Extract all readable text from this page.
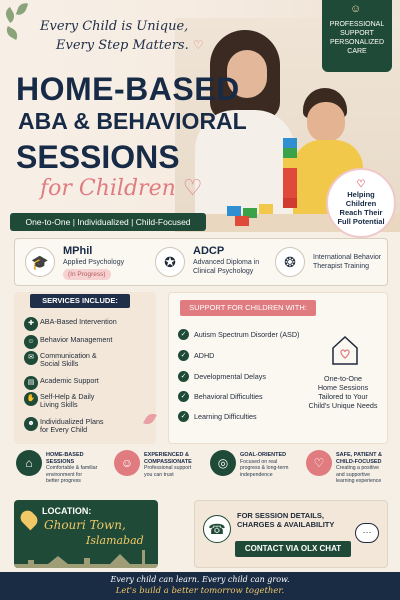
Every Child is Unique,
Every Step Matters. ♡
HOME-BASED
ABA & BEHAVIORAL
SESSIONS
for Children ♡
One-to-One | Individualized | Child-Focused
☺
PROFESSIONAL
SUPPORT
PERSONALIZED
CARE
♡
Helping
Children
Reach Their
Full Potential
🎓
MPhil
Applied Psychology
(In Progress)
✪
ADCP
Advanced Diploma in
Clinical Psychology
❂	International Behavior
Therapist Training
SERVICES INCLUDE:
✚ ABA-Based Intervention

☺ Behavior Management

✉ Communication &
Social Skills
▤ Academic Support

✋ Self-Help & Daily
Living Skills
☻ Individualized Plans
for Every Child
SUPPORT FOR CHILDREN WITH:
✓	Autism Spectrum Disorder (ASD)
✓	ADHD
✓	Developmental Delays
✓	Behavioral Difficulties
✓	Learning Difficulties
One-to-One
Home Sessions
Tailored to Your
Child's Unique Needs
⌂
HOME-BASED
SESSIONS
Comfortable & familiar
environment for
better progress
☺
EXPERIENCED &
COMPASSIONATE
Professional support
you can trust
◎
GOAL-ORIENTED
Focused on real
progress & long-term
independence
♡
SAFE, PATIENT &
CHILD-FOCUSED
Creating a positive
and supportive
learning experience
LOCATION:
Ghouri Town,
Islamabad
☎
FOR SESSION DETAILS,
CHARGES & AVAILABILITY
CONTACT VIA OLX CHAT
···
Every child can learn. Every child can grow.
Let's build a better tomorrow together.
